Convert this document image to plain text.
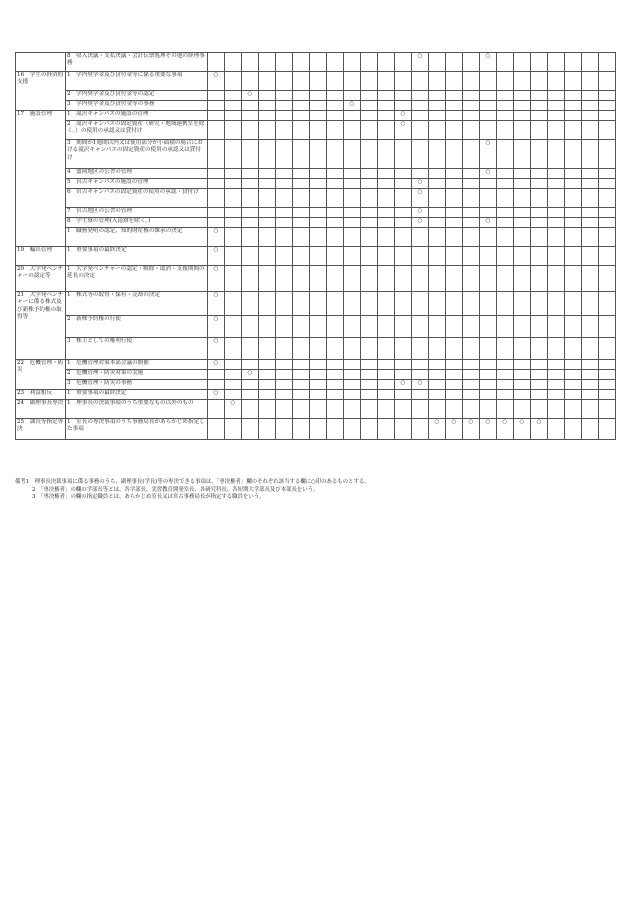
	8　収入決議・支払決議・会計伝票処理その他の経理事務													○				○							
16　学生の経済的支援	1　学内奨学金及び貸付金等に係る重要な事項	○																							
	2　学内奨学金及び貸付金等の認定			○																					
	3　学内奨学金及び貸付金等の事務									○															
17　施設管理	1　滝沢キャンパスの施設の管理												○												
	2　滝沢キャンパスの固定資産（研究・地域連携室を除く。）の使用の承認又は貸付け												○												
	3　期間が1週間以内又は使用部分が小面積の場合における滝沢キャンパスの固定資産の使用の承認又は貸付け																	○							
	4　盛岡地区の公舎の管理																	○							
	5　宮古キャンパスの施設の管理													○											
	6　宮古キャンパスの固定資産の使用の承認・貸付け													○											
	7　宮古地区の公舎の管理													○											
	8　学生寮の管理(入退寮を除く。)													○				○							
	1　職務発明の認定、知的財産権の維承の決定	○																							
19　輸出管理	1　重要事項の最終決定	○																							
20　大学発ベンチャーの認定等	1　大学発ベンチャーの認定・解除・取消・支援期間の延長の決定	○																							
21　大学発ベンチャーに係る株式及び新株予約権の取得等	1　株式等の取得・保有・売却の決定	○																							
	2　新株予約権の行使	○																							
	3　株主としての権利行使	○																							
22　危機管理・防災	1　危機管理対策本部会議の開催	○																							
	2　危機管理・防災対策の実施			○																					
	3　危機管理・防災の事務												○	○											
23　利益相反	1　重要事項の最終決定	○																							
24　副理事長専決	1　理事長の決裁事項のうち重要なもの以外のもの		○																						
25　課長等指定専決	1　室長の専決事項のうち事務局長があらかじめ指定した事項														○	○	○	○	○	○	○				
備考1　理事長決裁事項に係る事務のうち、副理事長(学長)等の専決できる事項は、「専決権者」欄のそれぞれ該当する欄に○印のあるものとする。
2　「専決権者」の欄の学部長等とは、各学部長、実習教育開発室長、各研究科長、各短期大学部長及び本部長をいう。
3　「専決権者」の欄の指定職員とは、あらかじめ室長又は宮古事務局長が指定する職員をいう。
